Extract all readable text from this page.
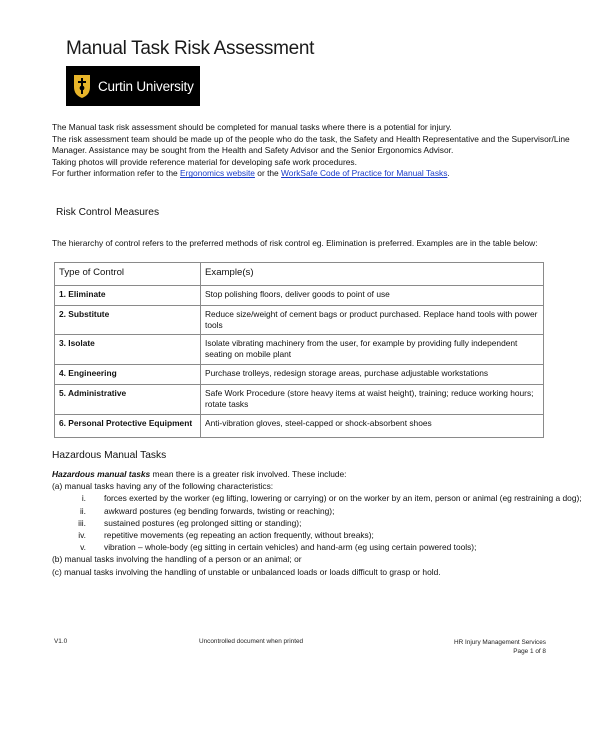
Manual Task Risk Assessment
Curtin University
The Manual task risk assessment should be completed for manual tasks where there is a potential for injury.
The risk assessment team should be made up of the people who do the task, the Safety and Health Representative and the Supervisor/Line
Manager. Assistance may be sought from the Health and Safety Advisor and the Senior Ergonomics Advisor.
Taking photos will provide reference material for developing safe work procedures.
For further information refer to the Ergonomics website or the WorkSafe Code of Practice for Manual Tasks.
Risk Control Measures
The hierarchy of control refers to the preferred methods of risk control eg. Elimination is preferred. Examples are in the table below:
Type of Control	Example(s)
1. Eliminate	Stop polishing floors, deliver goods to point of use
2. Substitute	Reduce size/weight of cement bags or product purchased. Replace hand tools with power tools
3. Isolate	Isolate vibrating machinery from the user, for example by providing fully independent seating on mobile plant
4. Engineering	Purchase trolleys, redesign storage areas, purchase adjustable workstations
5. Administrative	Safe Work Procedure (store heavy items at waist height), training; reduce working hours; rotate tasks
6. Personal Protective Equipment	Anti-vibration gloves, steel-capped or shock-absorbent shoes
Hazardous Manual Tasks
Hazardous manual tasks mean there is a greater risk involved. These include:
(a) manual tasks having any of the following characteristics:
i. forces exerted by the worker (eg lifting, lowering or carrying) or on the worker by an item, person or animal (eg restraining a dog);
ii. awkward postures (eg bending forwards, twisting or reaching);
iii. sustained postures (eg prolonged sitting or standing);
iv. repetitive movements (eg repeating an action frequently, without breaks);
v. vibration – whole-body (eg sitting in certain vehicles) and hand-arm (eg using certain powered tools);
(b) manual tasks involving the handling of a person or an animal; or
(c) manual tasks involving the handling of unstable or unbalanced loads or loads difficult to grasp or hold.
V1.0	Uncontrolled document when printed	HR Injury Management Services
Page 1 of 8
